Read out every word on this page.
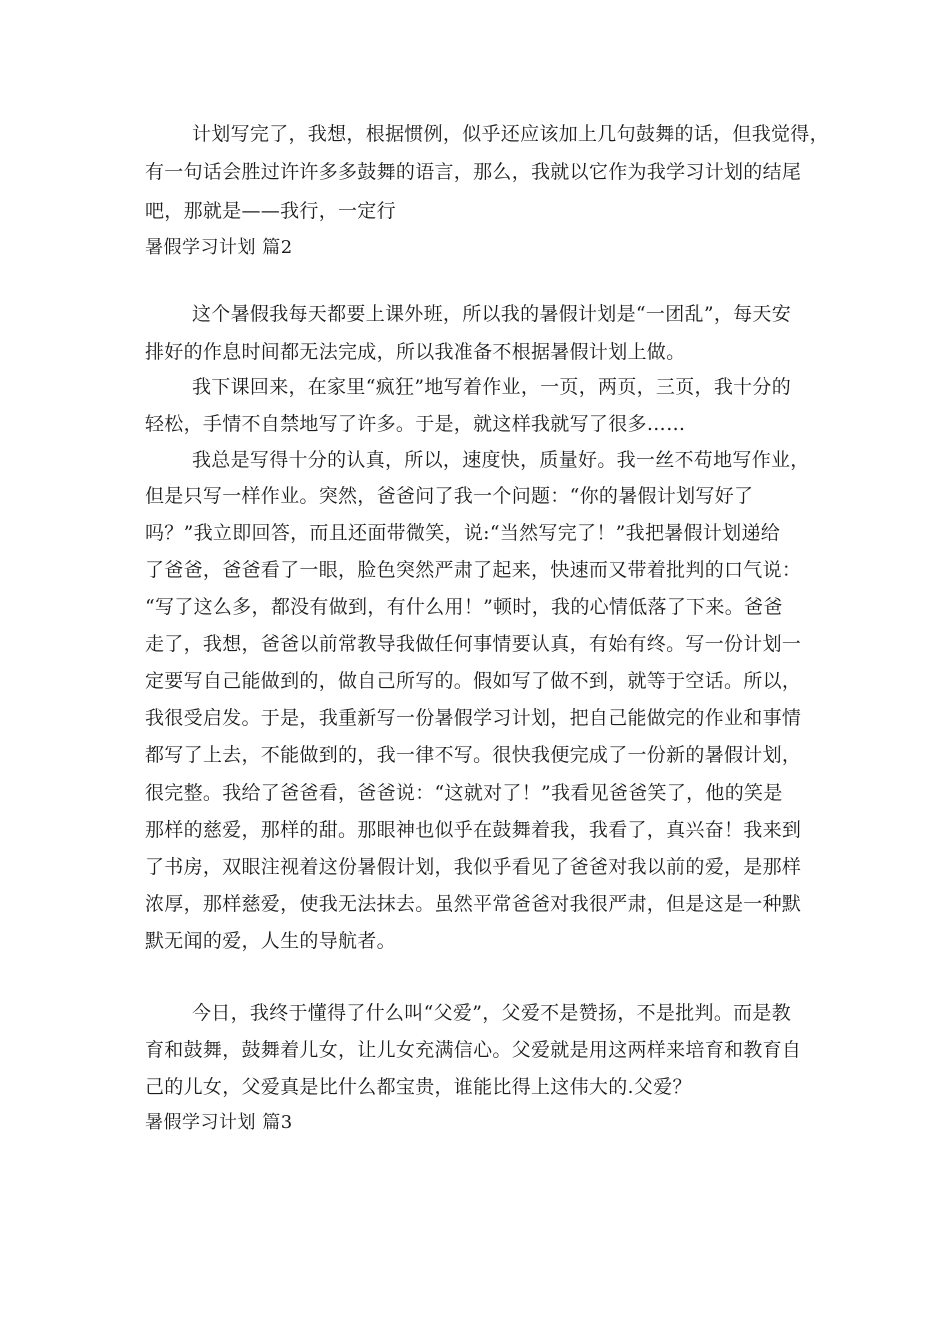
计划写完了，我想，根据惯例，似乎还应该加上几句鼓舞的话，但我觉得，
有一句话会胜过许许多多鼓舞的语言，那么，我就以它作为我学习计划的结尾
吧，那就是——我行，一定行
暑假学习计划 篇2
这个暑假我每天都要上课外班，所以我的暑假计划是“一团乱”，每天安
排好的作息时间都无法完成，所以我准备不根据暑假计划上做。
我下课回来，在家里“疯狂”地写着作业，一页，两页，三页，我十分的
轻松，手情不自禁地写了许多。于是，就这样我就写了很多……
我总是写得十分的认真，所以，速度快，质量好。我一丝不苟地写作业，
但是只写一样作业。突然，爸爸问了我一个问题：“你的暑假计划写好了
吗？”我立即回答，而且还面带微笑，说:“当然写完了！”我把暑假计划递给
了爸爸，爸爸看了一眼，脸色突然严肃了起来，快速而又带着批判的口气说：
“写了这么多，都没有做到，有什么用！”顿时，我的心情低落了下来。爸爸
走了，我想，爸爸以前常教导我做任何事情要认真，有始有终。写一份计划一
定要写自己能做到的，做自己所写的。假如写了做不到，就等于空话。所以，
我很受启发。于是，我重新写一份暑假学习计划，把自己能做完的作业和事情
都写了上去，不能做到的，我一律不写。很快我便完成了一份新的暑假计划，
很完整。我给了爸爸看，爸爸说：“这就对了！”我看见爸爸笑了，他的笑是
那样的慈爱，那样的甜。那眼神也似乎在鼓舞着我，我看了，真兴奋！我来到
了书房，双眼注视着这份暑假计划，我似乎看见了爸爸对我以前的爱，是那样
浓厚，那样慈爱，使我无法抹去。虽然平常爸爸对我很严肃，但是这是一种默
默无闻的爱，人生的导航者。
今日，我终于懂得了什么叫“父爱”，父爱不是赞扬，不是批判。而是教
育和鼓舞，鼓舞着儿女，让儿女充满信心。父爱就是用这两样来培育和教育自
己的儿女，父爱真是比什么都宝贵，谁能比得上这伟大的.父爱？
暑假学习计划 篇3
